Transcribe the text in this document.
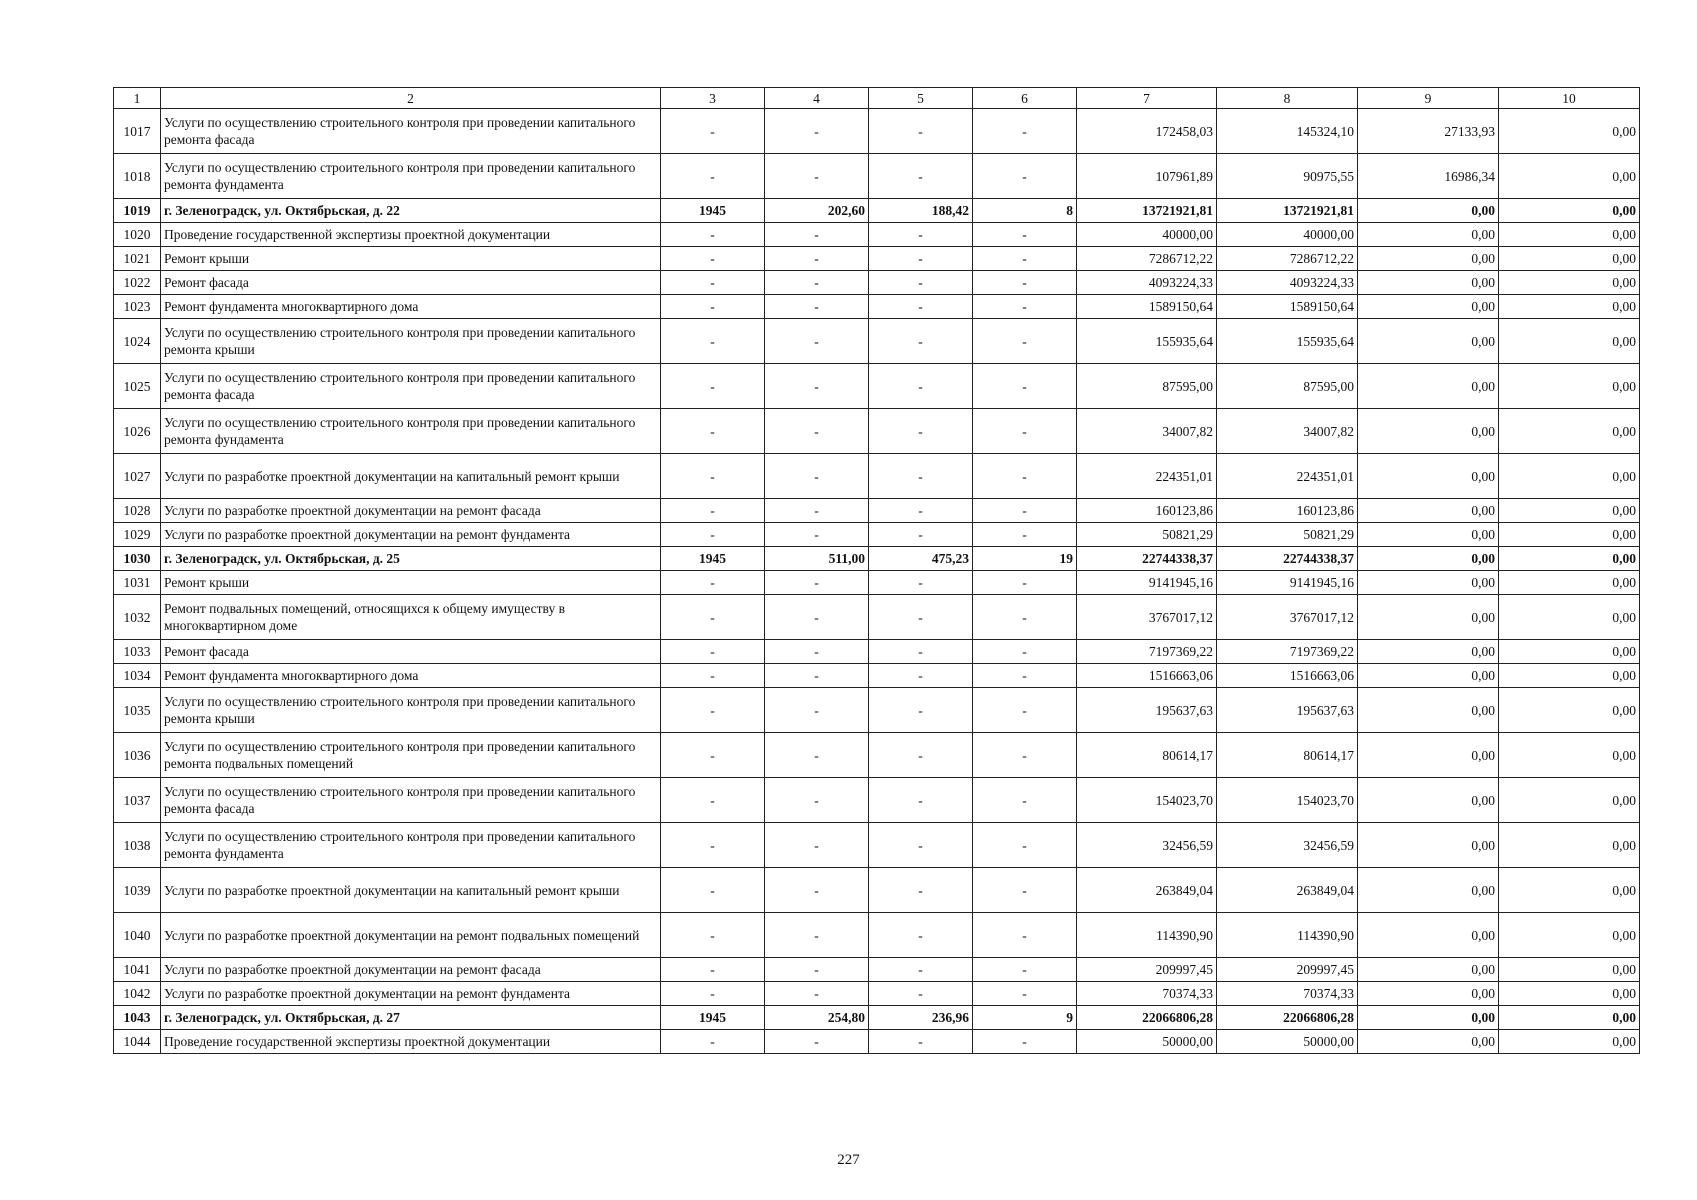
1	2	3	4	5	6	7	8	9	10
1017	Услуги по осуществлению строительного контроля при проведении капитального ремонта фасада	-	-	-	-	172458,03	145324,10	27133,93	0,00
1018	Услуги по осуществлению строительного контроля при проведении капитального ремонта фундамента	-	-	-	-	107961,89	90975,55	16986,34	0,00
1019	г. Зеленоградск, ул. Октябрьская, д. 22	1945	202,60	188,42	8	13721921,81	13721921,81	0,00	0,00
1020	Проведение государственной экспертизы проектной документации	-	-	-	-	40000,00	40000,00	0,00	0,00
1021	Ремонт крыши	-	-	-	-	7286712,22	7286712,22	0,00	0,00
1022	Ремонт фасада	-	-	-	-	4093224,33	4093224,33	0,00	0,00
1023	Ремонт фундамента многоквартирного дома	-	-	-	-	1589150,64	1589150,64	0,00	0,00
1024	Услуги по осуществлению строительного контроля при проведении капитального ремонта крыши	-	-	-	-	155935,64	155935,64	0,00	0,00
1025	Услуги по осуществлению строительного контроля при проведении капитального ремонта фасада	-	-	-	-	87595,00	87595,00	0,00	0,00
1026	Услуги по осуществлению строительного контроля при проведении капитального ремонта фундамента	-	-	-	-	34007,82	34007,82	0,00	0,00
1027	Услуги по разработке проектной документации на капитальный ремонт крыши	-	-	-	-	224351,01	224351,01	0,00	0,00
1028	Услуги по разработке проектной документации на ремонт фасада	-	-	-	-	160123,86	160123,86	0,00	0,00
1029	Услуги по разработке проектной документации на ремонт фундамента	-	-	-	-	50821,29	50821,29	0,00	0,00
1030	г. Зеленоградск, ул. Октябрьская, д. 25	1945	511,00	475,23	19	22744338,37	22744338,37	0,00	0,00
1031	Ремонт крыши	-	-	-	-	9141945,16	9141945,16	0,00	0,00
1032	Ремонт подвальных помещений, относящихся к общему имуществу в многоквартирном доме	-	-	-	-	3767017,12	3767017,12	0,00	0,00
1033	Ремонт фасада	-	-	-	-	7197369,22	7197369,22	0,00	0,00
1034	Ремонт фундамента многоквартирного дома	-	-	-	-	1516663,06	1516663,06	0,00	0,00
1035	Услуги по осуществлению строительного контроля при проведении капитального ремонта крыши	-	-	-	-	195637,63	195637,63	0,00	0,00
1036	Услуги по осуществлению строительного контроля при проведении капитального ремонта подвальных помещений	-	-	-	-	80614,17	80614,17	0,00	0,00
1037	Услуги по осуществлению строительного контроля при проведении капитального ремонта фасада	-	-	-	-	154023,70	154023,70	0,00	0,00
1038	Услуги по осуществлению строительного контроля при проведении капитального ремонта фундамента	-	-	-	-	32456,59	32456,59	0,00	0,00
1039	Услуги по разработке проектной документации на капитальный ремонт крыши	-	-	-	-	263849,04	263849,04	0,00	0,00
1040	Услуги по разработке проектной документации на ремонт подвальных помещений	-	-	-	-	114390,90	114390,90	0,00	0,00
1041	Услуги по разработке проектной документации на ремонт фасада	-	-	-	-	209997,45	209997,45	0,00	0,00
1042	Услуги по разработке проектной документации на ремонт фундамента	-	-	-	-	70374,33	70374,33	0,00	0,00
1043	г. Зеленоградск, ул. Октябрьская, д. 27	1945	254,80	236,96	9	22066806,28	22066806,28	0,00	0,00
1044	Проведение государственной экспертизы проектной документации	-	-	-	-	50000,00	50000,00	0,00	0,00
227
